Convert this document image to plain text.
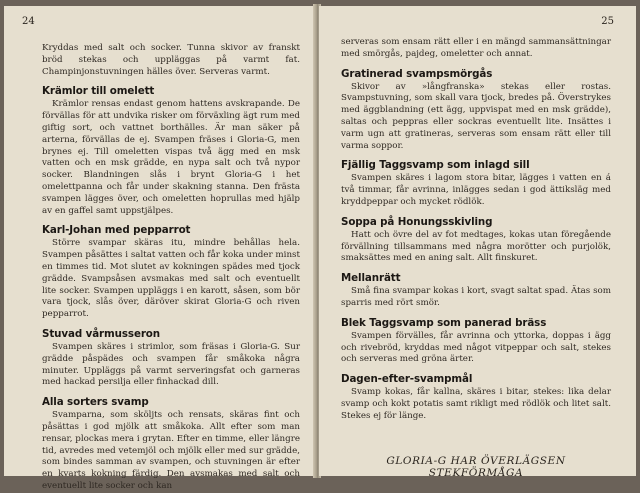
24

Kryddas med salt och socker. Tunna skivor av franskt bröd stekas och uppläggas på varmt fat. Champinjonstuvningen hälles över. Serveras varmt.

Krämlor till omelett

Krämlor rensas endast genom hattens avskrapande. De förvällas för att undvika risker om förväxling ägt rum med giftig sort, och vattnet borthälles. Är man säker på arterna, förvällas de ej. Svampen fräses i Gloria-G, men brynes ej. Till omeletten vispas två ägg med en msk vatten och en msk grädde, en nypa salt och två nypor socker. Blandningen slås i brynt Gloria-G i het omelettpanna och får under skakning stanna. Den frästa svampen lägges över, och omeletten hoprullas med hjälp av en gaffel samt uppstjälpes.

Karl-Johan med pepparrot

Större svampar skäras itu, mindre behållas hela. Svampen påsättes i saltat vatten och får koka under minst en timmes tid. Mot slutet av kokningen spädes med tjock grädde. Svampsåsen avsmakas med salt och eventuellt lite socker. Svampen uppläggs i en karott, såsen, som bör vara tjock, slås över, däröver skirat Gloria-G och riven pepparrot.

Stuvad vårmusseron

Svampen skäres i strimlor, som fräsas i Gloria-G. Sur grädde påspädes och svampen får småkoka några minuter. Uppläggs på varmt serveringsfat och garneras med hackad persilja eller finhackad dill.

Alla sorters svamp

Svamparna, som sköljts och rensats, skäras fint och påsättas i god mjölk att småkoka. Allt efter som man rensar, plockas mera i grytan. Efter en timme, eller längre tid, avredes med vetemjöl och mjölk eller med sur grädde, som bindes samman av svampen, och stuvningen är efter en kvarts kokning färdig. Den avsmakas med salt och eventuellt lite socker och kan

25

serveras som ensam rätt eller i en mängd sammansättningar med smörgås, pajdeg, omeletter och annat.

Gratinerad svampsmörgås

Skivor av »långfranska» stekas eller rostas. Svampstuvning, som skall vara tjock, bredes på. Överstrykes med äggblandning (ett ägg, uppvispat med en msk grädde), saltas och peppras eller sockras eventuellt lite. Insättes i varm ugn att gratineras, serveras som ensam rätt eller till varma soppor.

Fjällig Taggsvamp som inlagd sill

Svampen skäres i lagom stora bitar, lägges i vatten en á två timmar, får avrinna, inlägges sedan i god ättiksläg med kryddpeppar och mycket rödlök.

Soppa på Honungsskivling

Hatt och övre del av fot medtages, kokas utan föregående förvällning tillsammans med några morötter och purjolök, smaksättes med en aning salt. Allt finskuret.

Mellanrätt

Små fina svampar kokas i kort, svagt saltat spad. Ätas som sparris med rört smör.

Blek Taggsvamp som panerad bräss

Svampen förvälles, får avrinna och yttorka, doppas i ägg och rivebröd, kryddas med något vitpeppar och salt, stekes och serveras med gröna ärter.

Dagen-efter-svampmål

Svamp kokas, får kallna, skäres i bitar, stekes: lika delar svamp och kokt potatis samt rikligt med rödlök och litet salt. Stekes ej för länge.

GLORIA-G HAR ÖVERLÄGSEN STEKFÖRMÅGA
